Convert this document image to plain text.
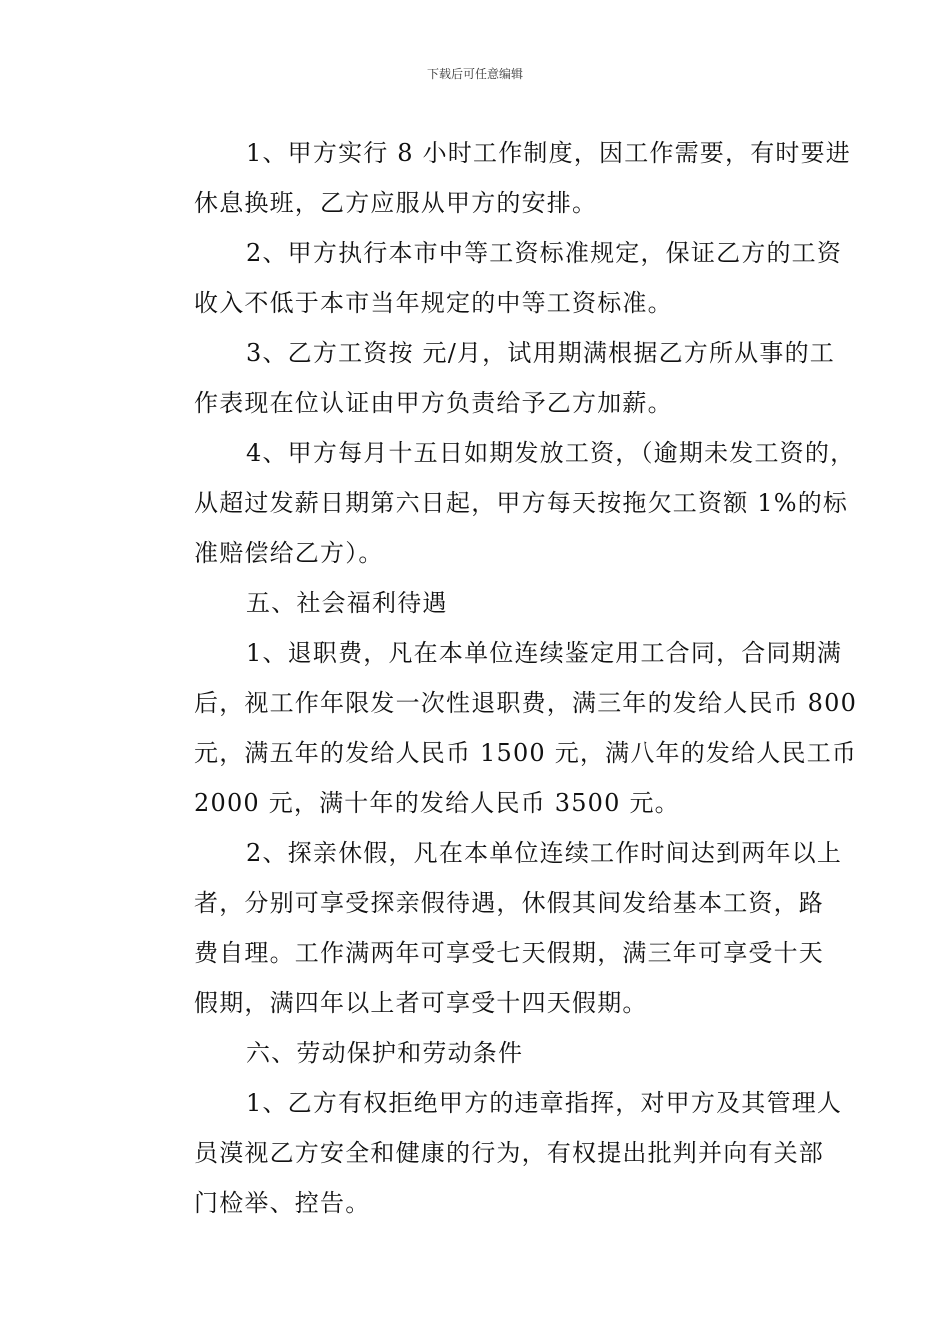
下载后可任意编辑
1、甲方实行 8 小时工作制度，因工作需要，有时要进
休息换班，乙方应服从甲方的安排。
2、甲方执行本市中等工资标准规定，保证乙方的工资
收入不低于本市当年规定的中等工资标准。
3、乙方工资按 元/月，试用期满根据乙方所从事的工
作表现在位认证由甲方负责给予乙方加薪。
4、甲方每月十五日如期发放工资，（逾期未发工资的，
从超过发薪日期第六日起，甲方每天按拖欠工资额 1%的标
准赔偿给乙方）。
五、社会福利待遇
1、退职费，凡在本单位连续鉴定用工合同，合同期满
后，视工作年限发一次性退职费，满三年的发给人民币 800
元，满五年的发给人民币 1500 元，满八年的发给人民工币
2000 元，满十年的发给人民币 3500 元。
2、探亲休假，凡在本单位连续工作时间达到两年以上
者，分别可享受探亲假待遇，休假其间发给基本工资，路
费自理。工作满两年可享受七天假期，满三年可享受十天
假期，满四年以上者可享受十四天假期。
六、劳动保护和劳动条件
1、乙方有权拒绝甲方的违章指挥，对甲方及其管理人
员漠视乙方安全和健康的行为，有权提出批判并向有关部
门检举、控告。
